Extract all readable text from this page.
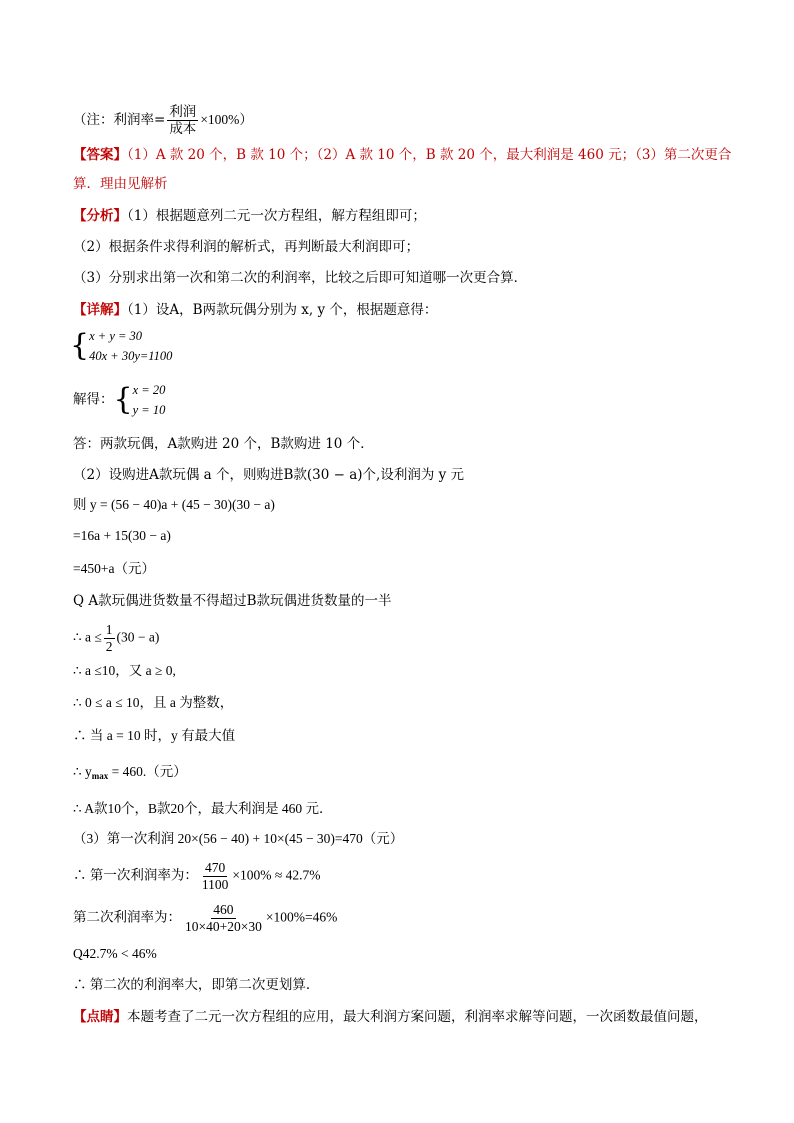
（注：利润率= $\frac{\text{利润}}{\text{成本}} \times 100\%$）
【答案】（1）A 款 20 个，B 款 10 个；（2）A 款 10 个，B 款 20 个，最大利润是 460 元；（3）第二次更合
算．理由见解析
【分析】（1）根据题意列二元一次方程组，解方程组即可；
（2）根据条件求得利润的解析式，再判断最大利润即可；
（3）分别求出第一次和第二次的利润率，比较之后即可知道哪一次更合算．
【详解】（1）设A，B两款玩偶分别为 x, y 个，根据题意得：
{ x + y = 30
40x + 30y=1100
解得：{ x = 20
y = 10
答：两款玩偶，A款购进 20 个，B款购进 10 个．
（2）设购进A款玩偶 a 个，则购进B款(30 − a)个,设利润为 y 元
则 y = (56 − 40)a + (45 − 30)(30 − a)
=16a + 15(30 − a)
=450+a（元）
Q A款玩偶进货数量不得超过B款玩偶进货数量的一半
∴ $a \le \frac{1}{2} (30 - a)$
∴ a ≤10，又 a ≥ 0,
∴ 0 ≤ a ≤ 10，且 a 为整数，
∴ 当 a = 10 时，y 有最大值
∴ $y_{max} = 460$.（元）
∴ A款10个，B款20个，最大利润是 460 元．
（3）第一次利润 20×(56 − 40) + 10×(45 − 30)=470（元）
∴ 第一次利润率为： $\frac{470}{1100} \times 100\% \approx 42.7\%$
第二次利润率为： $\frac{460}{10\times 40+20\times 30} \times 100\%=46\%$
Q42.7% < 46%
∴ 第二次的利润率大，即第二次更划算．
【点睛】本题考查了二元一次方程组的应用，最大利润方案问题，利润率求解等问题，一次函数最值问题，
